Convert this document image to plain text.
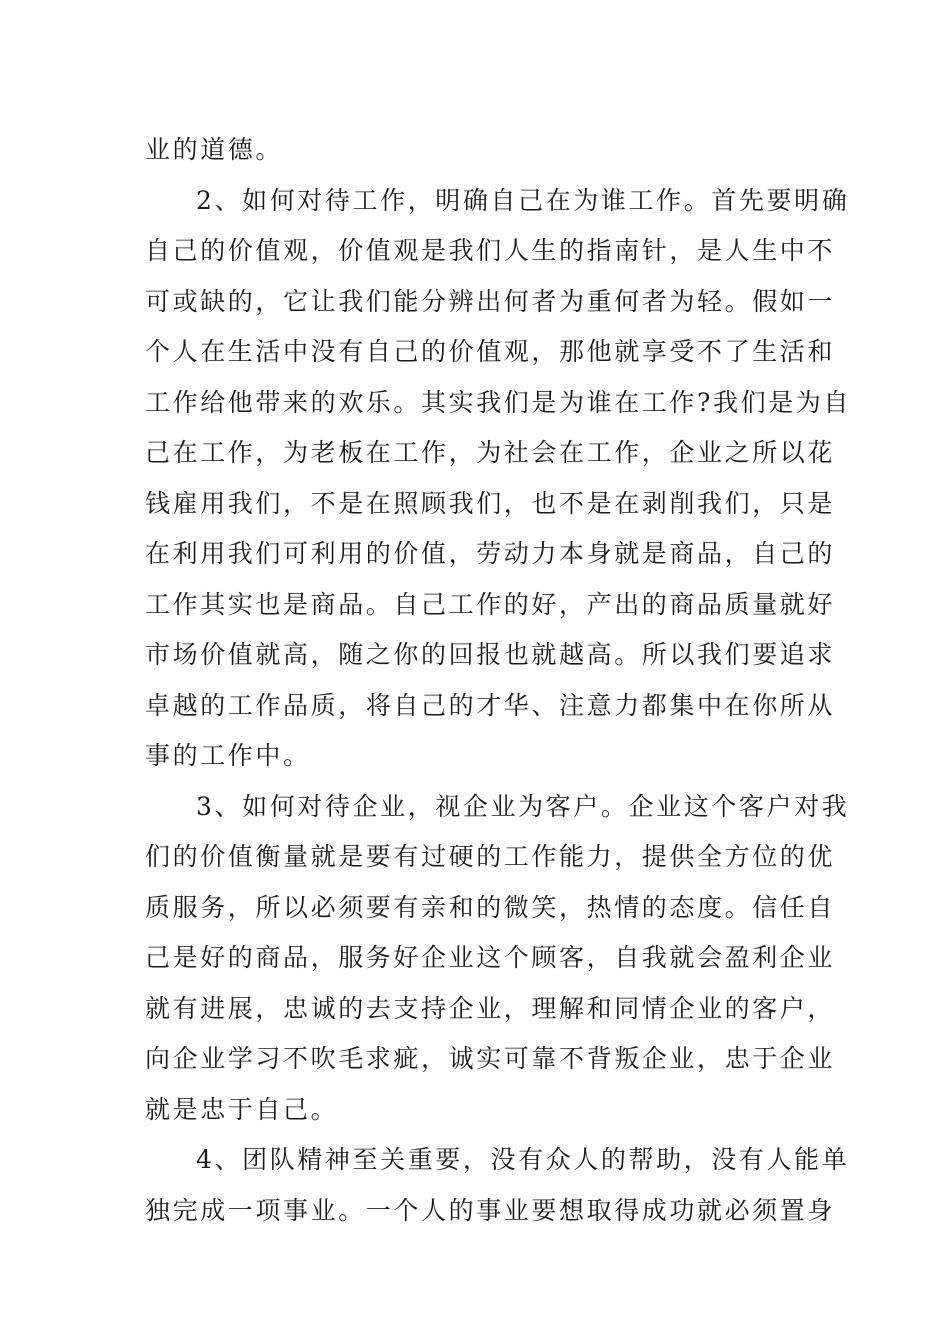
业的道德。

2、如何对待工作，明确自己在为谁工作。首先要明确

自己的价值观，价值观是我们人生的指南针，是人生中不

可或缺的，它让我们能分辨出何者为重何者为轻。假如一

个人在生活中没有自己的价值观，那他就享受不了生活和

工作给他带来的欢乐。其实我们是为谁在工作?我们是为自

己在工作，为老板在工作，为社会在工作，企业之所以花

钱雇用我们，不是在照顾我们，也不是在剥削我们，只是

在利用我们可利用的价值，劳动力本身就是商品，自己的

工作其实也是商品。自己工作的好，产出的商品质量就好

市场价值就高，随之你的回报也就越高。所以我们要追求

卓越的工作品质，将自己的才华、注意力都集中在你所从

事的工作中。

3、如何对待企业，视企业为客户。企业这个客户对我

们的价值衡量就是要有过硬的工作能力，提供全方位的优

质服务，所以必须要有亲和的微笑，热情的态度。信任自

己是好的商品，服务好企业这个顾客，自我就会盈利企业

就有进展，忠诚的去支持企业，理解和同情企业的客户，

向企业学习不吹毛求疵，诚实可靠不背叛企业，忠于企业

就是忠于自己。

4、团队精神至关重要，没有众人的帮助，没有人能单

独完成一项事业。一个人的事业要想取得成功就必须置身
